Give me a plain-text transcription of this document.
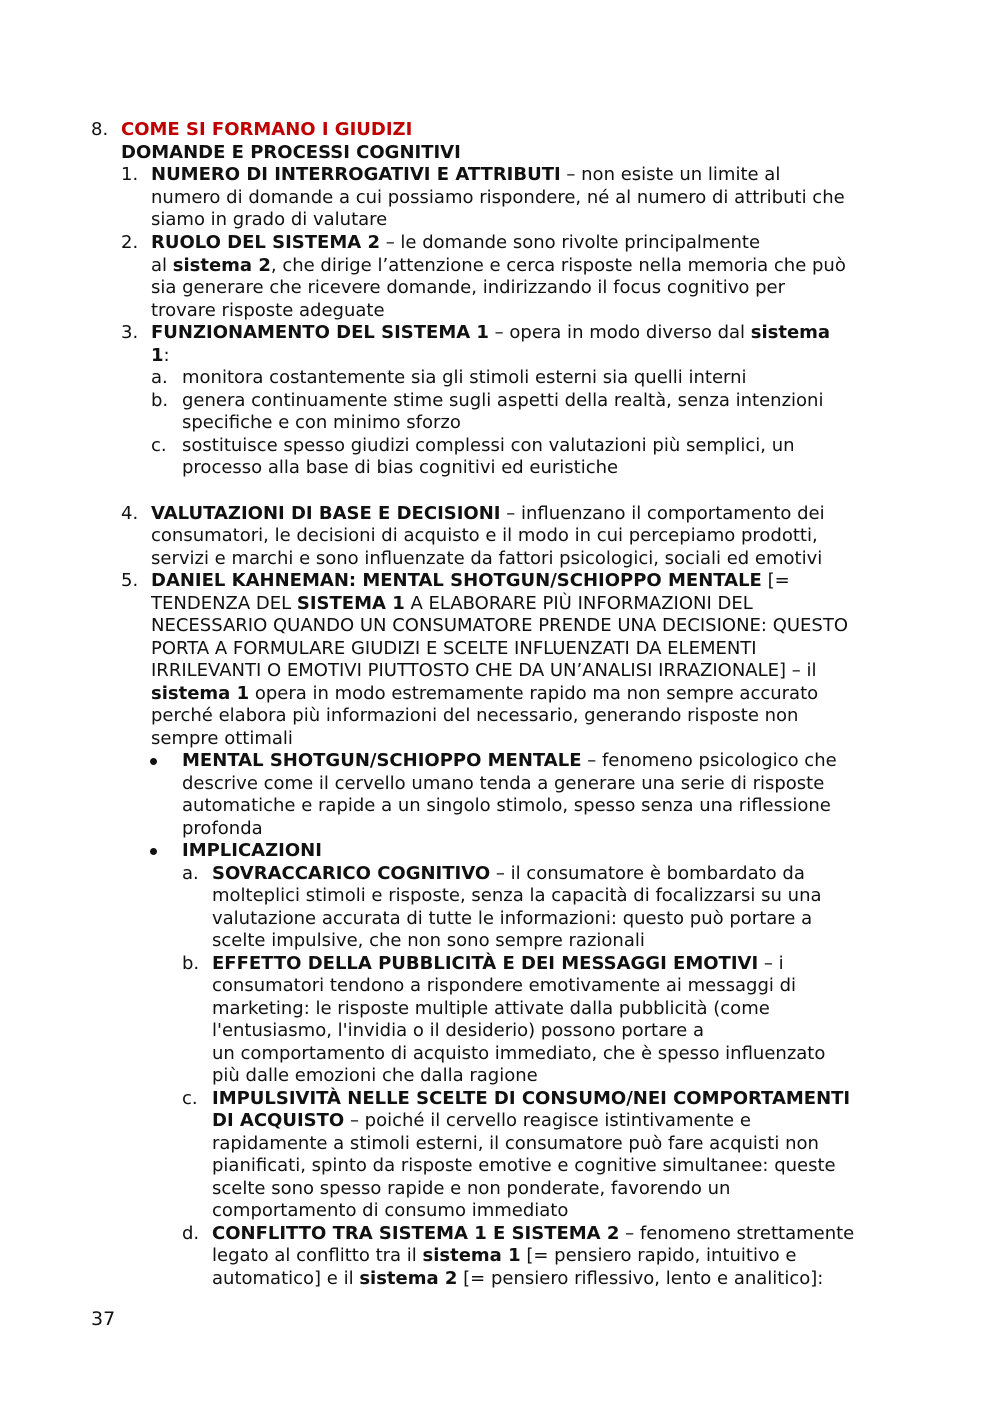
8. COME SI FORMANO I GIUDIZI
DOMANDE E PROCESSI COGNITIVI
1. NUMERO DI INTERROGATIVI E ATTRIBUTI – non esiste un limite al
numero di domande a cui possiamo rispondere, né al numero di attributi che
siamo in grado di valutare
2. RUOLO DEL SISTEMA 2 – le domande sono rivolte principalmente
al sistema 2, che dirige l’attenzione e cerca risposte nella memoria che può
sia generare che ricevere domande, indirizzando il focus cognitivo per
trovare risposte adeguate
3. FUNZIONAMENTO DEL SISTEMA 1 – opera in modo diverso dal sistema
1:
a. monitora costantemente sia gli stimoli esterni sia quelli interni
b. genera continuamente stime sugli aspetti della realtà, senza intenzioni
specifiche e con minimo sforzo
c. sostituisce spesso giudizi complessi con valutazioni più semplici, un
processo alla base di bias cognitivi ed euristiche
4. VALUTAZIONI DI BASE E DECISIONI – influenzano il comportamento dei
consumatori, le decisioni di acquisto e il modo in cui percepiamo prodotti,
servizi e marchi e sono influenzate da fattori psicologici, sociali ed emotivi
5. DANIEL KAHNEMAN: MENTAL SHOTGUN/SCHIOPPO MENTALE [=
TENDENZA DEL SISTEMA 1 A ELABORARE PIÙ INFORMAZIONI DEL
NECESSARIO QUANDO UN CONSUMATORE PRENDE UNA DECISIONE: QUESTO
PORTA A FORMULARE GIUDIZI E SCELTE INFLUENZATI DA ELEMENTI
IRRILEVANTI O EMOTIVI PIUTTOSTO CHE DA UN’ANALISI IRRAZIONALE] – il
sistema 1 opera in modo estremamente rapido ma non sempre accurato
perché elabora più informazioni del necessario, generando risposte non
sempre ottimali
MENTAL SHOTGUN/SCHIOPPO MENTALE – fenomeno psicologico che
descrive come il cervello umano tenda a generare una serie di risposte
automatiche e rapide a un singolo stimolo, spesso senza una riflessione
profonda
IMPLICAZIONI
a. SOVRACCARICO COGNITIVO – il consumatore è bombardato da
molteplici stimoli e risposte, senza la capacità di focalizzarsi su una
valutazione accurata di tutte le informazioni: questo può portare a
scelte impulsive, che non sono sempre razionali
b. EFFETTO DELLA PUBBLICITÀ E DEI MESSAGGI EMOTIVI – i
consumatori tendono a rispondere emotivamente ai messaggi di
marketing: le risposte multiple attivate dalla pubblicità (come
l'entusiasmo, l'invidia o il desiderio) possono portare a
un comportamento di acquisto immediato, che è spesso influenzato
più dalle emozioni che dalla ragione
c. IMPULSIVITÀ NELLE SCELTE DI CONSUMO/NEI COMPORTAMENTI
DI ACQUISTO – poiché il cervello reagisce istintivamente e
rapidamente a stimoli esterni, il consumatore può fare acquisti non
pianificati, spinto da risposte emotive e cognitive simultanee: queste
scelte sono spesso rapide e non ponderate, favorendo un
comportamento di consumo immediato
d. CONFLITTO TRA SISTEMA 1 E SISTEMA 2 – fenomeno strettamente
legato al conflitto tra il sistema 1 [= pensiero rapido, intuitivo e
automatico] e il sistema 2 [= pensiero riflessivo, lento e analitico]:
37
